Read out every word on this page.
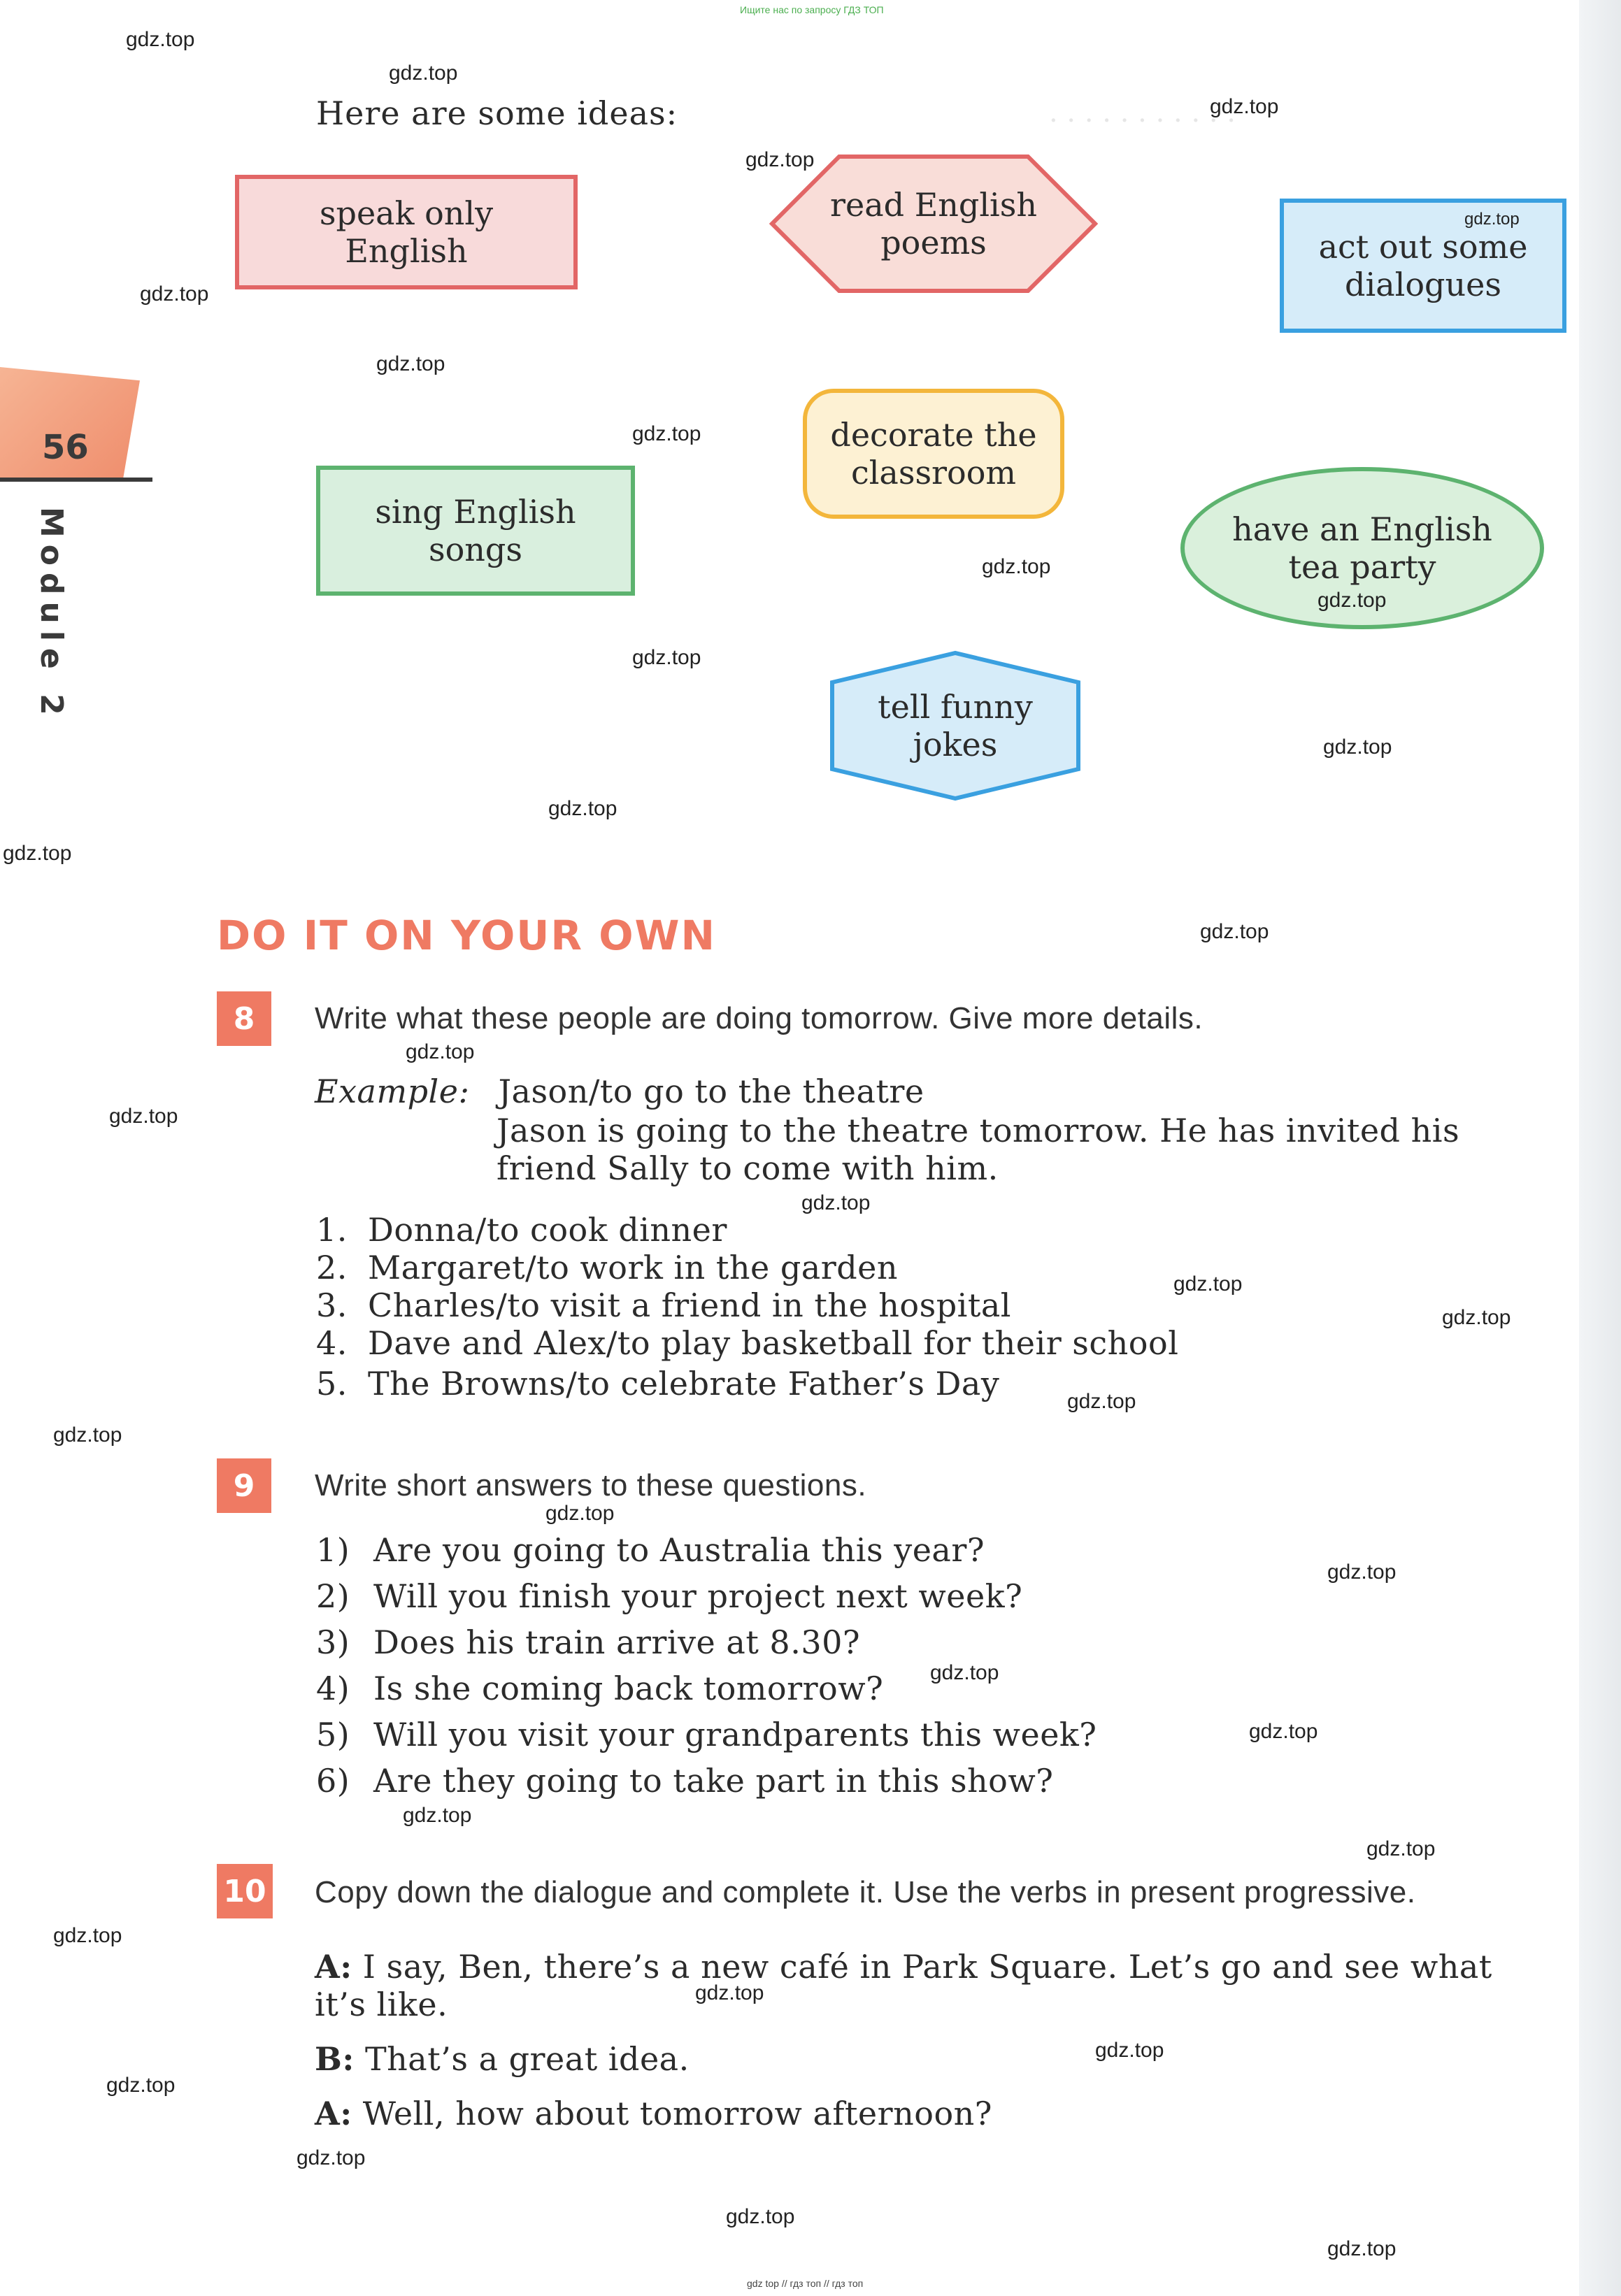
· · · · · · · · · · ·
Ищите нас по запросу ГДЗ ТОП
56
Module 2
Here are some ideas:
speak only English
read English poems	act out some dialogues
sing English songs
decorate the classroom
have an English tea party
tell funny jokes
DO IT ON YOUR OWN
8	Write what these people are doing tomorrow. Give more details.
Example: Jason/to go to the theatre
Jason is going to the theatre tomorrow. He has invited his
friend Sally to come with him.
1. Donna/to cook dinner
2. Margaret/to work in the garden
3. Charles/to visit a friend in the hospital
4. Dave and Alex/to play basketball for their school
5. The Browns/to celebrate Father’s Day
9	Write short answers to these questions.
1) Are you going to Australia this year?
2) Will you finish your project next week?
3) Does his train arrive at 8.30?
4) Is she coming back tomorrow?
5) Will you visit your grandparents this week?
6) Are they going to take part in this show?
10 Copy down the dialogue and complete it. Use the verbs in present progressive.
A: I say, Ben, there’s a new café in Park Square. Let’s go and see what
it’s like.
B: That’s a great idea.
A: Well, how about tomorrow afternoon?
gdz.top
gdz.top
gdz.top
gdz.top
gdz.top
gdz.top
gdz.top
gdz.top
gdz.top
gdz.top
gdz.top
gdz.top
gdz.top
gdz.top
gdz.top
gdz.top
gdz.top
gdz.top
gdz.top
gdz.top
gdz.top
gdz.top
gdz.top
gdz.top
gdz.top
gdz.top
gdz.top
gdz.top
gdz.top
gdz.top
gdz.top
gdz.top
gdz.top
gdz.top
gdz.top
gdz top // гдз топ // гдз топ
